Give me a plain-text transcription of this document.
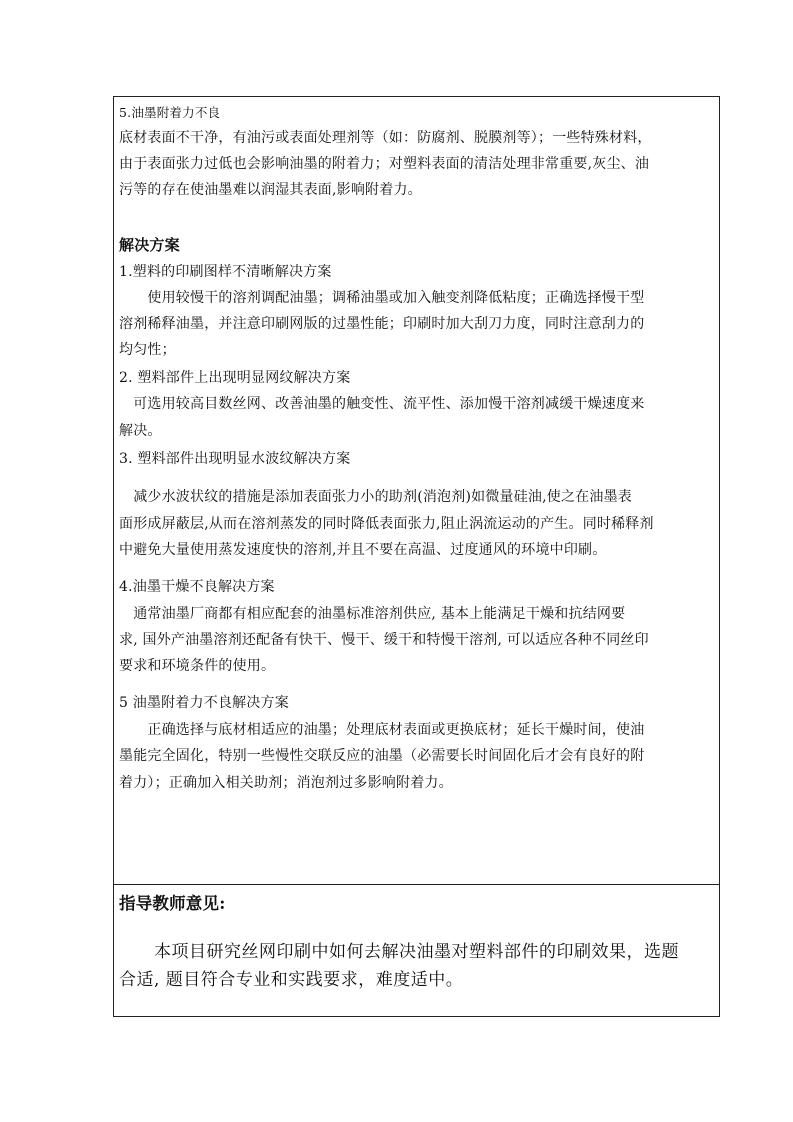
5.油墨附着力不良
底材表面不干净，有油污或表面处理剂等（如：防腐剂、脱膜剂等）；一些特殊材料，
由于表面张力过低也会影响油墨的附着力；对塑料表面的清洁处理非常重要,灰尘、油
污等的存在使油墨难以润湿其表面,影响附着力。
解决方案
1.塑料的印刷图样不清晰解决方案
　　使用较慢干的溶剂调配油墨；调稀油墨或加入触变剂降低粘度；正确选择慢干型
溶剂稀释油墨，并注意印刷网版的过墨性能；印刷时加大刮刀力度，同时注意刮力的
均匀性；
2. 塑料部件上出现明显网纹解决方案
　可选用较高目数丝网、改善油墨的触变性、流平性、添加慢干溶剂减缓干燥速度来
解决。
3. 塑料部件出现明显水波纹解决方案
　减少水波状纹的措施是添加表面张力小的助剂(消泡剂)如微量硅油,使之在油墨表
面形成屏蔽层,从而在溶剂蒸发的同时降低表面张力,阻止涡流运动的产生。同时稀释剂
中避免大量使用蒸发速度快的溶剂,并且不要在高温、过度通风的环境中印刷。
4.油墨干燥不良解决方案
　通常油墨厂商都有相应配套的油墨标准溶剂供应, 基本上能满足干燥和抗结网要
求, 国外产油墨溶剂还配备有快干、慢干、缓干和特慢干溶剂, 可以适应各种不同丝印
要求和环境条件的使用。
5 油墨附着力不良解决方案
　　正确选择与底材相适应的油墨；处理底材表面或更换底材；延长干燥时间，使油
墨能完全固化，特别一些慢性交联反应的油墨（必需要长时间固化后才会有良好的附
着力）；正确加入相关助剂；消泡剂过多影响附着力。
指导教师意见:
　　本项目研究丝网印刷中如何去解决油墨对塑料部件的印刷效果，选题
合适, 题目符合专业和实践要求，难度适中。
